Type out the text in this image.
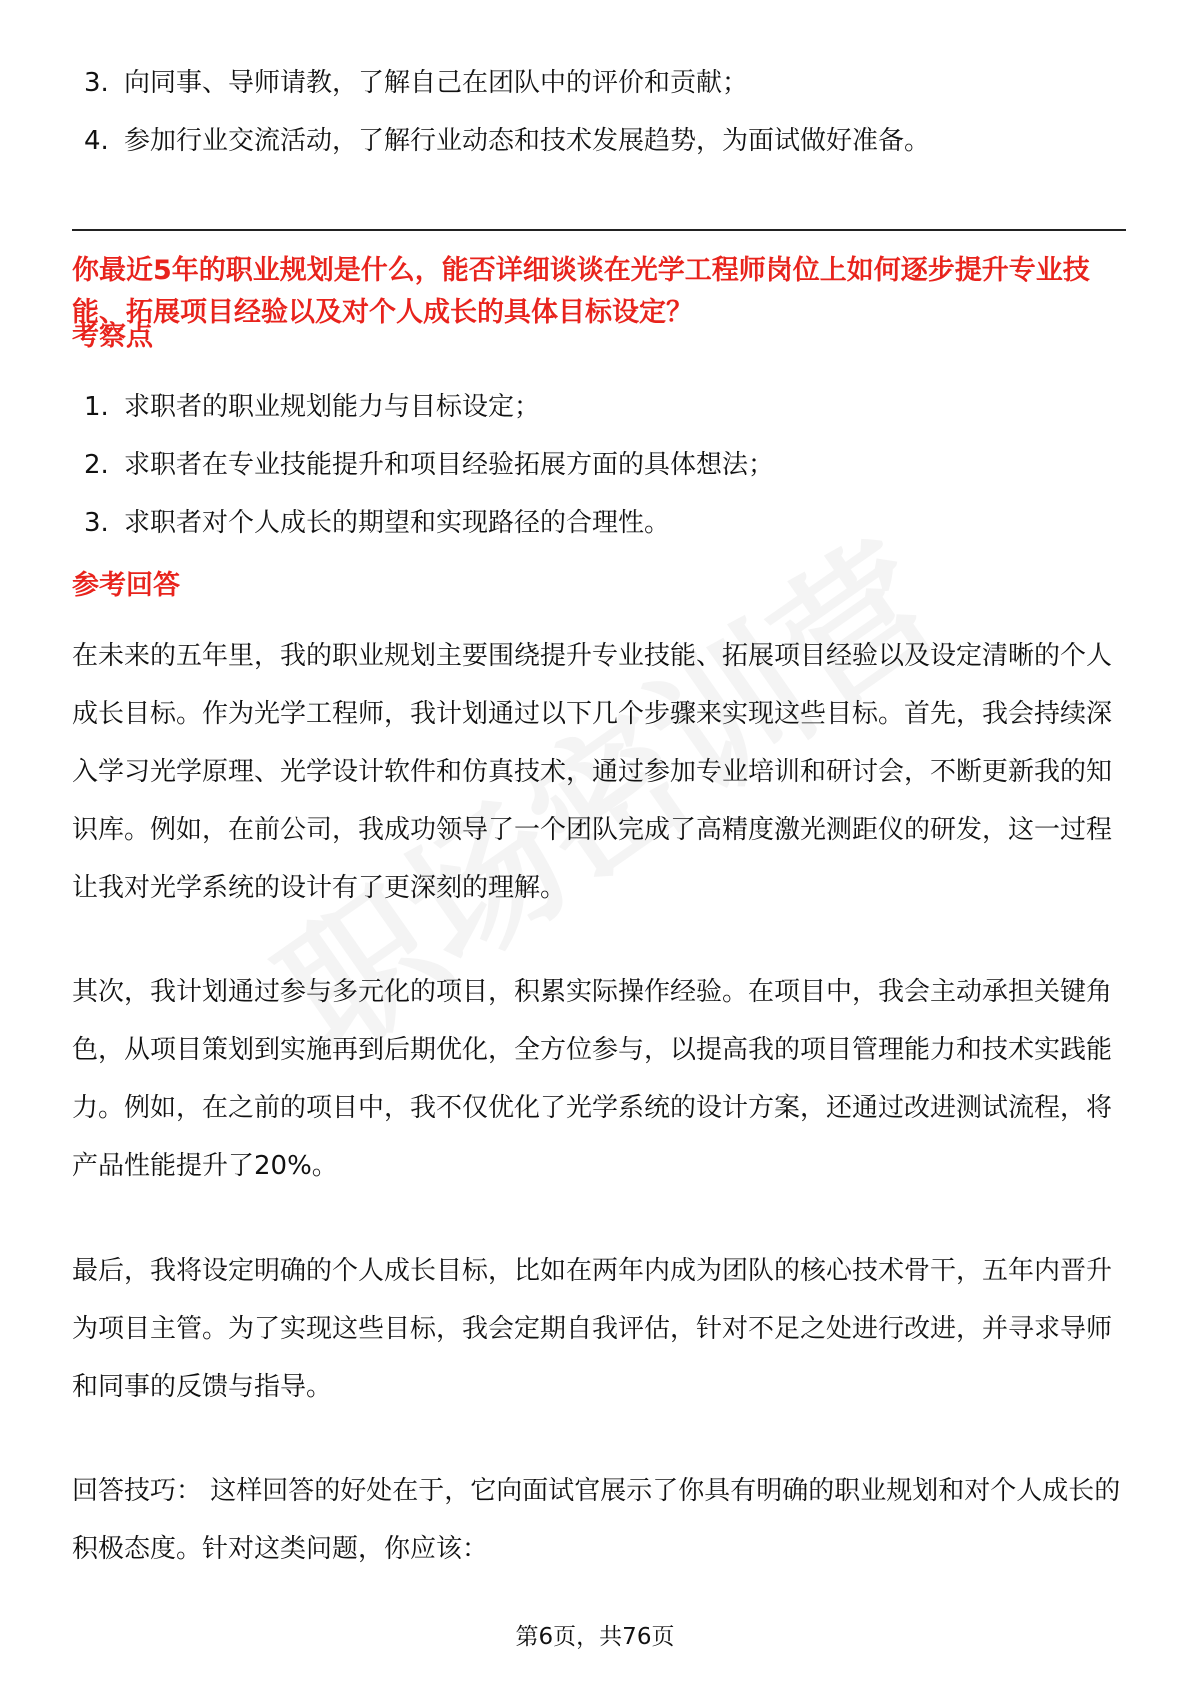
3. 向同事、导师请教，了解自己在团队中的评价和贡献；
4. 参加行业交流活动，了解行业动态和技术发展趋势，为面试做好准备。
你最近5年的职业规划是什么，能否详细谈谈在光学工程师岗位上如何逐步提升专业技能、拓展项目经验以及对个人成长的具体目标设定？
考察点
1. 求职者的职业规划能力与目标设定；
2. 求职者在专业技能提升和项目经验拓展方面的具体想法；
3. 求职者对个人成长的期望和实现路径的合理性。
参考回答

在未来的五年里，我的职业规划主要围绕提升专业技能、拓展项目经验以及设定清晰的个人成长目标。作为光学工程师，我计划通过以下几个步骤来实现这些目标。首先，我会持续深入学习光学原理、光学设计软件和仿真技术，通过参加专业培训和研讨会，不断更新我的知识库。例如，在前公司，我成功领导了一个团队完成了高精度激光测距仪的研发，这一过程让我对光学系统的设计有了更深刻的理解。

其次，我计划通过参与多元化的项目，积累实际操作经验。在项目中，我会主动承担关键角色，从项目策划到实施再到后期优化，全方位参与，以提高我的项目管理能力和技术实践能力。例如，在之前的项目中，我不仅优化了光学系统的设计方案，还通过改进测试流程，将产品性能提升了20%。

最后，我将设定明确的个人成长目标，比如在两年内成为团队的核心技术骨干，五年内晋升为项目主管。为了实现这些目标，我会定期自我评估，针对不足之处进行改进，并寻求导师和同事的反馈与指导。

回答技巧： 这样回答的好处在于，它向面试官展示了你具有明确的职业规划和对个人成长的积极态度。针对这类问题，你应该：

第6页，共76页
